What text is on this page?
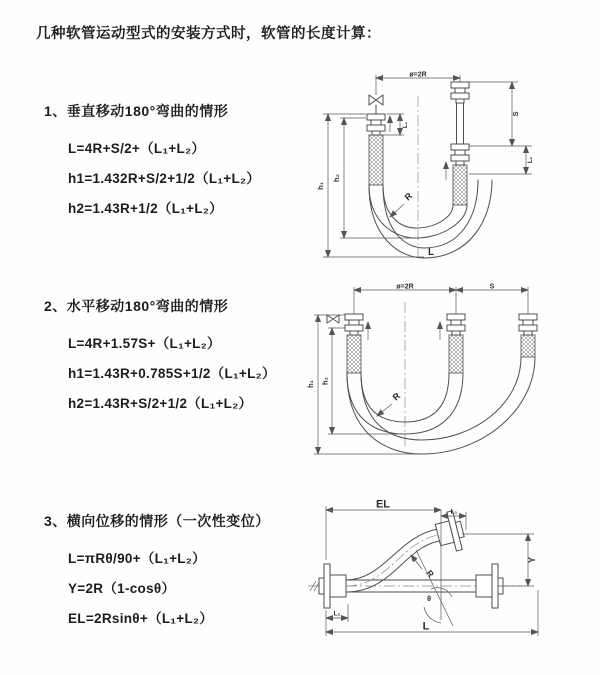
几种软管运动型式的安装方式时，软管的长度计算：
1、垂直移动180°弯曲的情形

L=4R+S/2+（L₁+L₂）

h1=1.432R+S/2+1/2（L₁+L₂）

h2=1.43R+1/2（L₁+L₂）

ø=2R
h₁
h₂
S
L₂
L₁
R
L
2、水平移动180°弯曲的情形

L=4R+1.57S+（L₁+L₂）

h1=1.43R+0.785S+1/2（L₁+L₂）

h2=1.43R+S/2+1/2（L₁+L₂）

ø=2R	S
h₁ h₂
R
3、横向位移的情形（一次性变位）

L=πRθ/90+（L₁+L₂）

Y=2R（1-cosθ）

EL=2Rsinθ+（L₁+L₂）

EL
L₁
Y
L
L₂
R
θ
